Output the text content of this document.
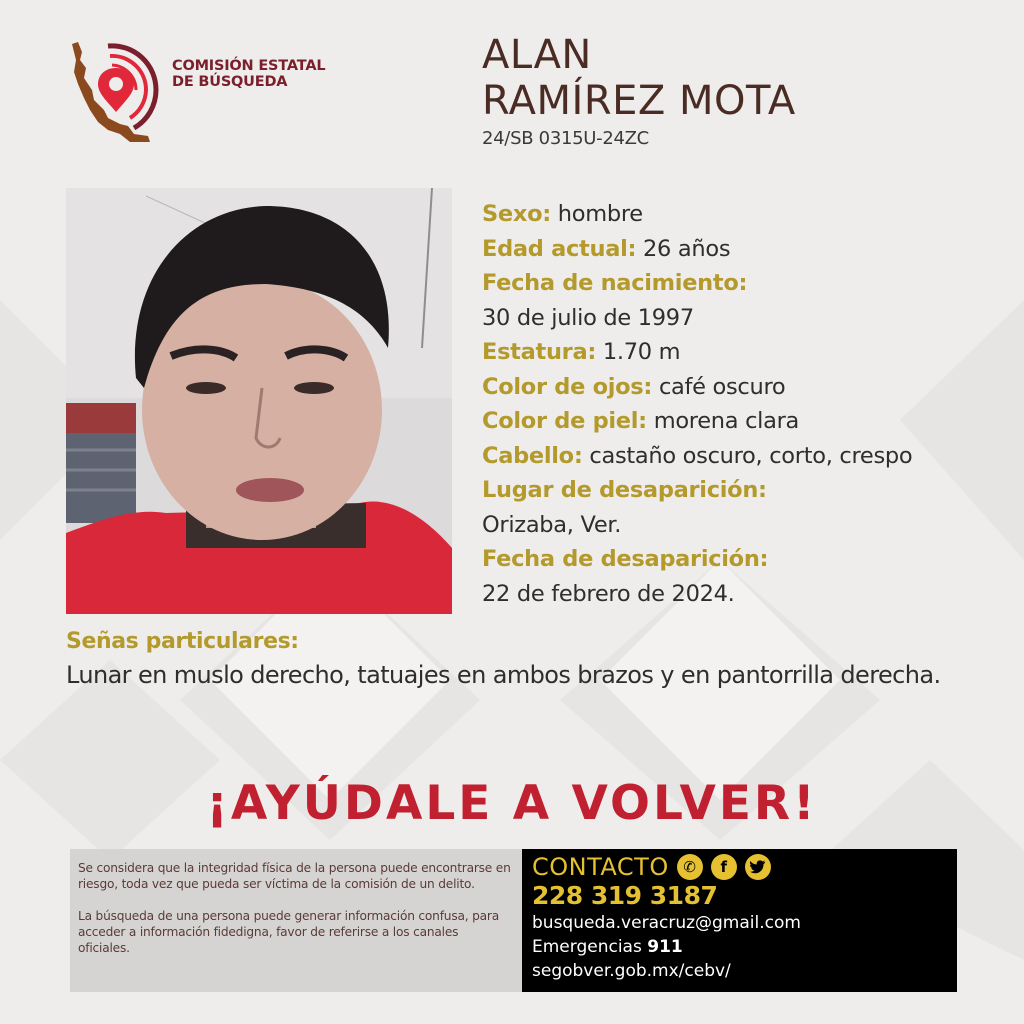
COMISIÓN ESTATAL
DE BÚSQUEDA
ALAN
RAMÍREZ MOTA
24/SB 0315U-24ZC
Sexo: hombre
Edad actual: 26 años
Fecha de nacimiento:
30 de julio de 1997
Estatura: 1.70 m
Color de ojos: café oscuro
Color de piel: morena clara
Cabello: castaño oscuro, corto, crespo
Lugar de desaparición:
Orizaba, Ver.
Fecha de desaparición:
22 de febrero de 2024.
Señas particulares:
Lunar en muslo derecho, tatuajes en ambos brazos y en pantorrilla derecha.
¡AYÚDALE A VOLVER!

Se considera que la integridad física de la persona puede encontrarse en riesgo, toda vez que pueda ser víctima de la comisión de un delito.

La búsqueda de una persona puede generar información confusa, para acceder a información fidedigna, favor de referirse a los canales oficiales.

CONTACTO ✆	f
228 319 3187
busqueda.veracruz@gmail.com
Emergencias 911
segobver.gob.mx/cebv/
